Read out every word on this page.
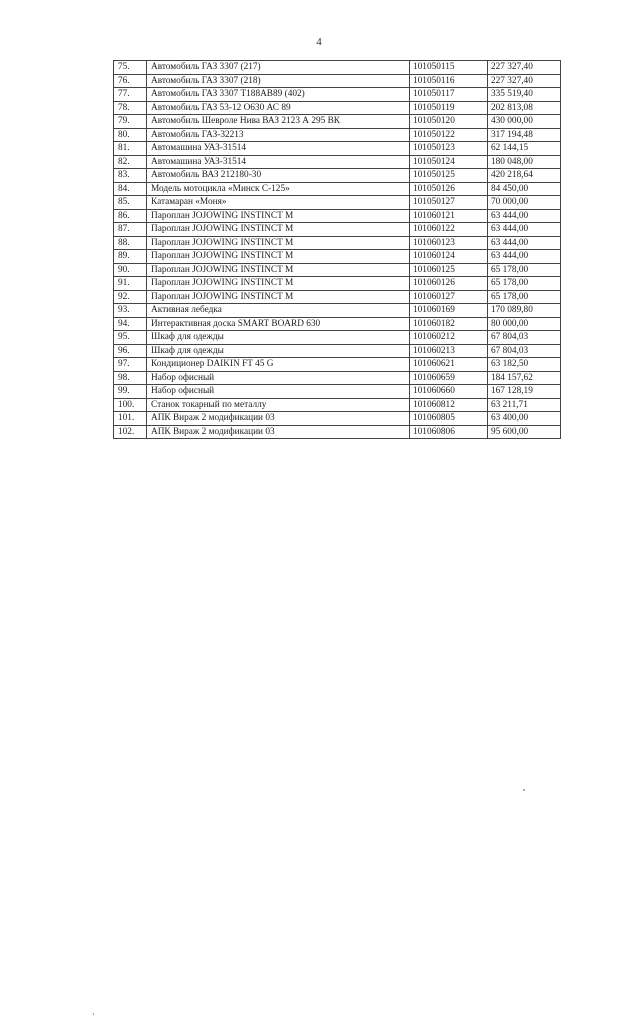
4
75.	Автомобиль ГАЗ 3307 (217)	101050115	227 327,40
76.	Автомобиль ГАЗ 3307 (218)	101050116	227 327,40
77.	Автомобиль ГАЗ 3307 Т188АВ89 (402)	101050117	335 519,40
78.	Автомобиль ГАЗ 53-12 О630 АС 89	101050119	202 813,08
79.	Автомобиль Шевроле Нива ВАЗ 2123 А 295 ВК	101050120	430 000,00
80.	Автомобиль ГАЗ-32213	101050122	317 194,48
81.	Автомашина УАЗ-31514	101050123	62 144,15
82.	Автомашина УАЗ-31514	101050124	180 048,00
83.	Автомобиль ВАЗ 212180-30	101050125	420 218,64
84.	Модель мотоцикла «Минск С-125»	101050126	84 450,00
85.	Катамаран «Моня»	101050127	70 000,00
86.	Пароплан JOJOWING INSTINCT M	101060121	63 444,00
87.	Пароплан JOJOWING INSTINCT M	101060122	63 444,00
88.	Пароплан JOJOWING INSTINCT M	101060123	63 444,00
89.	Пароплан JOJOWING INSTINCT M	101060124	63 444,00
90.	Пароплан JOJOWING INSTINCT M	101060125	65 178,00
91.	Пароплан JOJOWING INSTINCT M	101060126	65 178,00
92.	Пароплан JOJOWING INSTINCT M	101060127	65 178,00
93.	Активная лебедка	101060169	170 089,80
94.	Интерактивная доска SMART BOARD 630	101060182	80 000,00
95.	Шкаф для одежды	101060212	67 804,03
96.	Шкаф для одежды	101060213	67 804,03
97.	Кондиционер DAIKIN FT 45 G	101060621	63 182,50
98.	Набор офисный	101060659	184 157,62
99.	Набор офисный	101060660	167 128,19
100.	Станок токарный по металлу	101060812	63 211,71
101.	АПК Вираж 2 модификации 03	101060805	63 400,00
102.	АПК Вираж 2 модификации 03	101060806	95 600,00
